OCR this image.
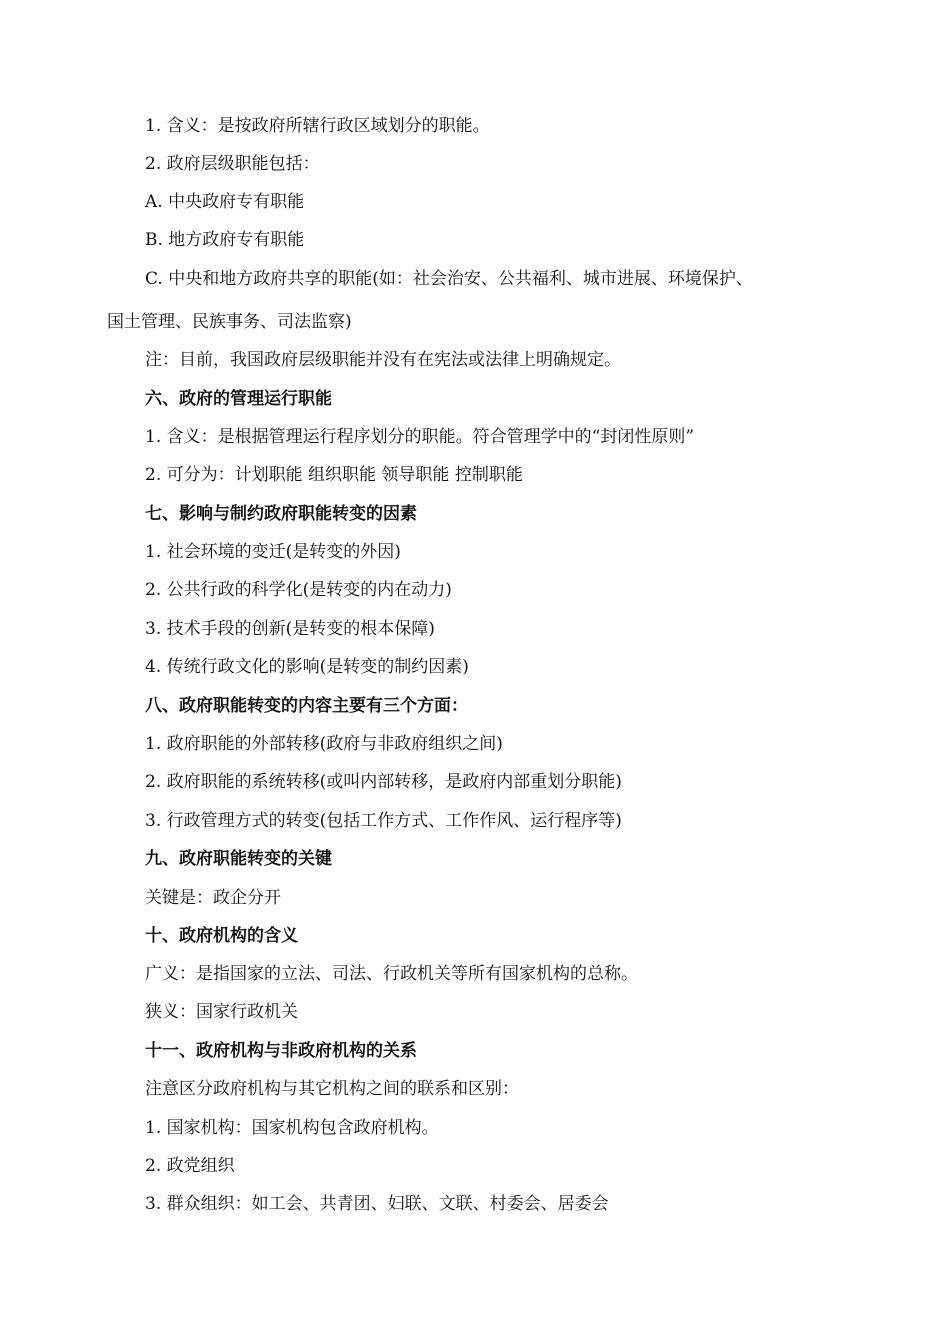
1. 含义：是按政府所辖行政区域划分的职能。
2. 政府层级职能包括：
A. 中央政府专有职能
B. 地方政府专有职能
C. 中央和地方政府共享的职能(如：社会治安、公共福利、城市进展、环境保护、
国土管理、民族事务、司法监察)
注：目前，我国政府层级职能并没有在宪法或法律上明确规定。
六、政府的管理运行职能
1. 含义：是根据管理运行程序划分的职能。符合管理学中的“封闭性原则”
2. 可分为：计划职能 组织职能 领导职能 控制职能
七、影响与制约政府职能转变的因素
1. 社会环境的变迁(是转变的外因)
2. 公共行政的科学化(是转变的内在动力)
3. 技术手段的创新(是转变的根本保障)
4. 传统行政文化的影响(是转变的制约因素)
八、政府职能转变的内容主要有三个方面：
1. 政府职能的外部转移(政府与非政府组织之间)
2. 政府职能的系统转移(或叫内部转移，是政府内部重划分职能)
3. 行政管理方式的转变(包括工作方式、工作作风、运行程序等)
九、政府职能转变的关键
关键是：政企分开
十、政府机构的含义
广义：是指国家的立法、司法、行政机关等所有国家机构的总称。
狭义：国家行政机关
十一、政府机构与非政府机构的关系
注意区分政府机构与其它机构之间的联系和区别：
1. 国家机构：国家机构包含政府机构。
2. 政党组织
3. 群众组织：如工会、共青团、妇联、文联、村委会、居委会
